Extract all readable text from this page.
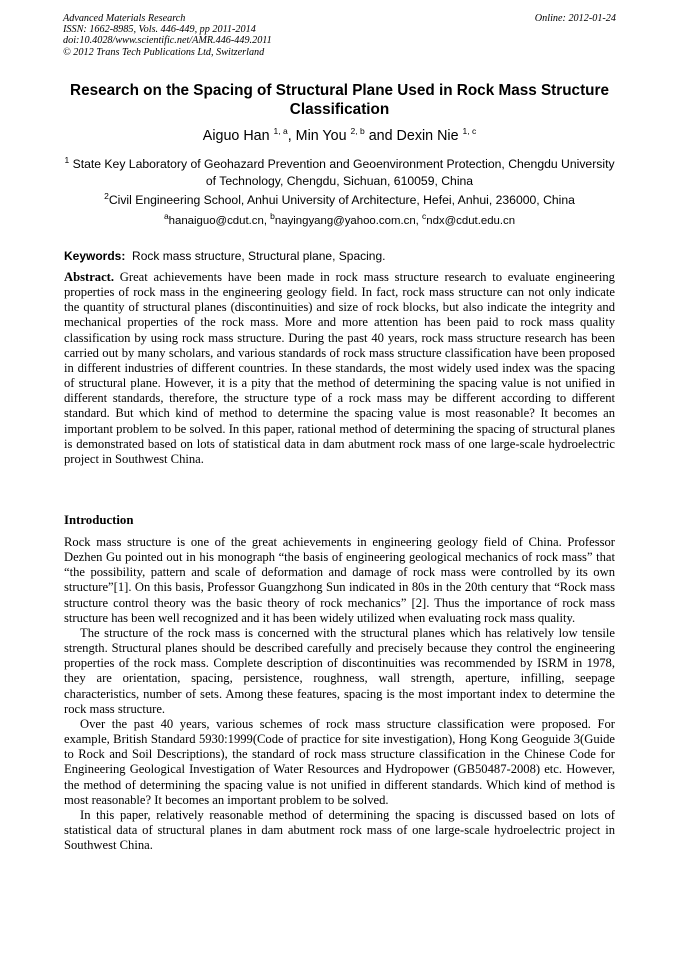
Advanced Materials Research
ISSN: 1662-8985, Vols. 446-449, pp 2011-2014
doi:10.4028/www.scientific.net/AMR.446-449.2011
© 2012 Trans Tech Publications Ltd, Switzerland
Online: 2012-01-24
Research on the Spacing of Structural Plane Used in Rock Mass Structure Classification
Aiguo Han $^{1, a}$, Min You $^{2, b}$ and Dexin Nie $^{1, c}$
$^1$ State Key Laboratory of Geohazard Prevention and Geoenvironment Protection, Chengdu University of Technology, Chengdu, Sichuan, 610059, China
$^2$Civil Engineering School, Anhui University of Architecture, Hefei, Anhui, 236000, China
$^a$hanaiguo@cdut.cn, $^b$nayingyang@yahoo.com.cn, $^c$ndx@cdut.edu.cn
Keywords: Rock mass structure, Structural plane, Spacing.
Abstract. Great achievements have been made in rock mass structure research to evaluate engineering properties of rock mass in the engineering geology field. In fact, rock mass structure can not only indicate the quantity of structural planes (discontinuities) and size of rock blocks, but also indicate the integrity and mechanical properties of the rock mass. More and more attention has been paid to rock mass quality classification by using rock mass structure. During the past 40 years, rock mass structure research has been carried out by many scholars, and various standards of rock mass structure classification have been proposed in different industries of different countries. In these standards, the most widely used index was the spacing of structural plane. However, it is a pity that the method of determining the spacing value is not unified in different standards, therefore, the structure type of a rock mass may be different according to different standard. But which kind of method to determine the spacing value is most reasonable? It becomes an important problem to be solved. In this paper, rational method of determining the spacing of structural planes is demonstrated based on lots of statistical data in dam abutment rock mass of one large-scale hydroelectric project in Southwest China.
Introduction

Rock mass structure is one of the great achievements in engineering geology field of China. Professor Dezhen Gu pointed out in his monograph “the basis of engineering geological mechanics of rock mass” that “the possibility, pattern and scale of deformation and damage of rock mass were controlled by its own structure”[1]. On this basis, Professor Guangzhong Sun indicated in 80s in the 20th century that “Rock mass structure control theory was the basic theory of rock mechanics” [2]. Thus the importance of rock mass structure has been well recognized and it has been widely utilized when evaluating rock mass quality.

The structure of the rock mass is concerned with the structural planes which has relatively low tensile strength. Structural planes should be described carefully and precisely because they control the engineering properties of the rock mass. Complete description of discontinuities was recommended by ISRM in 1978, they are orientation, spacing, persistence, roughness, wall strength, aperture, infilling, seepage characteristics, number of sets. Among these features, spacing is the most important index to determine the rock mass structure.

Over the past 40 years, various schemes of rock mass structure classification were proposed. For example, British Standard 5930:1999(Code of practice for site investigation), Hong Kong Geoguide 3(Guide to Rock and Soil Descriptions), the standard of rock mass structure classification in the Chinese Code for Engineering Geological Investigation of Water Resources and Hydropower (GB50487-2008) etc. However, the method of determining the spacing value is not unified in different standards. Which kind of method is most reasonable? It becomes an important problem to be solved.

In this paper, relatively reasonable method of determining the spacing is discussed based on lots of statistical data of structural planes in dam abutment rock mass of one large-scale hydroelectric project in Southwest China.
